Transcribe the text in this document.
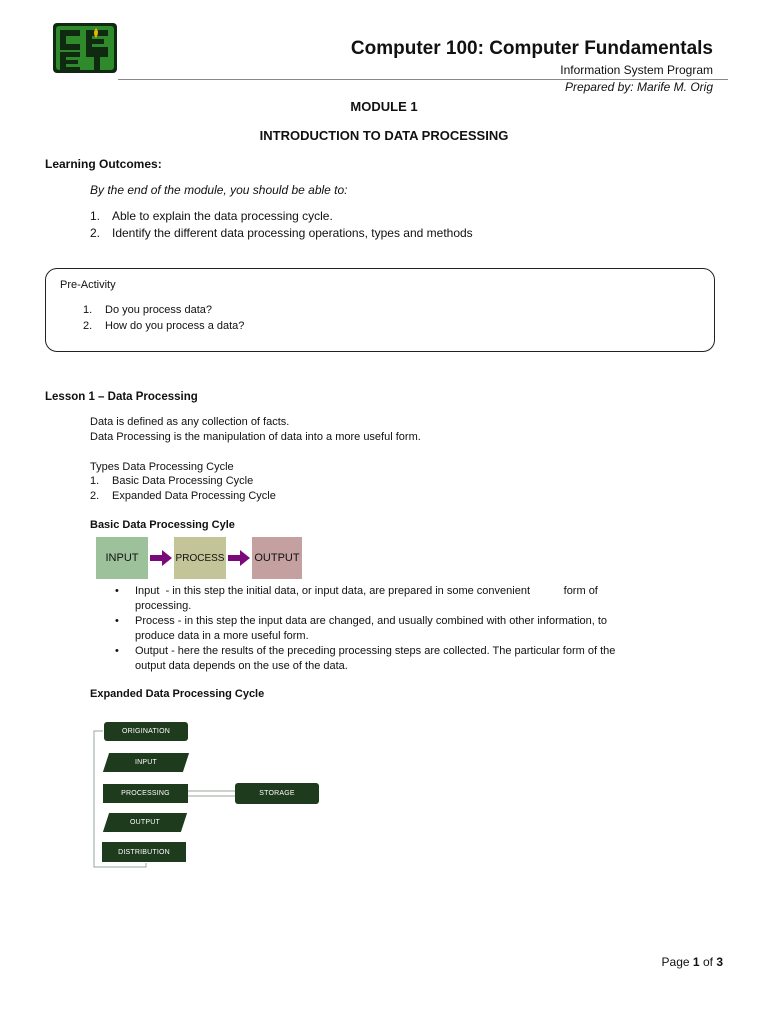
Computer 100: Computer Fundamentals
Information System Program
Prepared by: Marife M. Orig
MODULE 1
INTRODUCTION TO DATA PROCESSING
Learning Outcomes:
By the end of the module, you should be able to:
1. Able to explain the data processing cycle.
2. Identify the different data processing operations, types and methods
Pre-Activity
1. Do you process data?
2. How do you process a data?
Lesson 1 – Data Processing
Data is defined as any collection of facts.
Data Processing is the manipulation of data into a more useful form.
Types Data Processing Cycle
1. Basic Data Processing Cycle
2. Expanded Data Processing Cycle
Basic Data Processing Cyle
INPUT	PROCESS	OUTPUT
• Input  - in this step the initial data, or input data, are prepared in some convenient           form of
processing.
• Process - in this step the input data are changed, and usually combined with other information, to
produce data in a more useful form.
• Output - here the results of the preceding processing steps are collected. The particular form of the
output data depends on the use of the data.
Expanded Data Processing Cycle
ORIGINATION
INPUT
PROCESSING	STORAGE
OUTPUT
DISTRIBUTION
Page 1 of 3
